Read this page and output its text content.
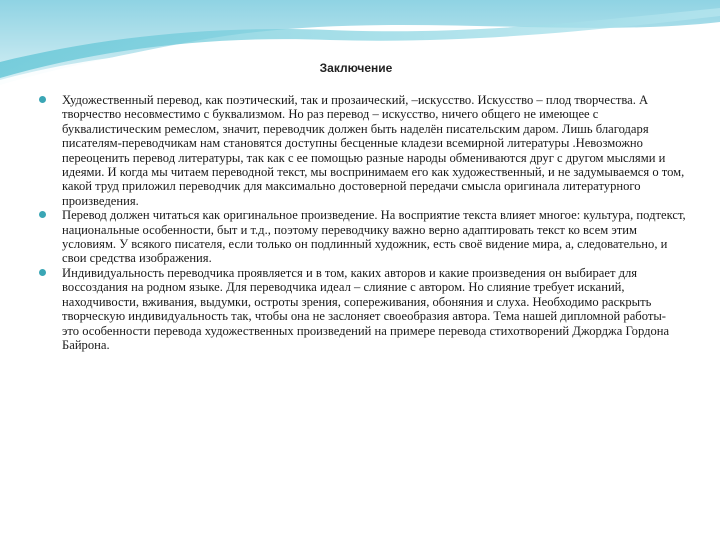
Заключение
Художественный перевод, как поэтический, так и прозаический, –искусство. Искусство – плод творчества. А творчество несовместимо с буквализмом. Но раз перевод – искусство, ничего общего не имеющее с буквалистическим ремеслом, значит, переводчик должен быть наделён писательским даром. Лишь благодаря писателям-переводчикам нам становятся доступны бесценные кладези всемирной литературы .Невозможно переоценить перевод литературы, так как с ее помощью разные народы обмениваются друг с другом мыслями и идеями. И когда мы читаем переводной текст, мы воспринимаем его как художественный, и не задумываемся о том, какой труд приложил переводчик для максимально достоверной передачи смысла оригинала литературного произведения.
Перевод должен читаться как оригинальное произведение. На восприятие текста влияет многое: культура, подтекст, национальные особенности, быт и т.д., поэтому переводчику важно верно адаптировать текст ко всем этим условиям. У всякого писателя, если только он подлинный художник, есть своё видение мира, а, следовательно, и свои средства изображения.
Индивидуальность переводчика проявляется и в том, каких авторов и какие произведения он выбирает для воссоздания на родном языке. Для переводчика идеал – слияние с автором. Но слияние требует исканий, находчивости, вживания, выдумки, остроты зрения, сопереживания, обоняния и слуха. Необходимо раскрыть творческую индивидуальность так, чтобы она не заслоняет своеобразия автора. Тема нашей дипломной работы- это особенности перевода художественных произведений на примере перевода стихотворений Джорджа Гордона Байрона.
